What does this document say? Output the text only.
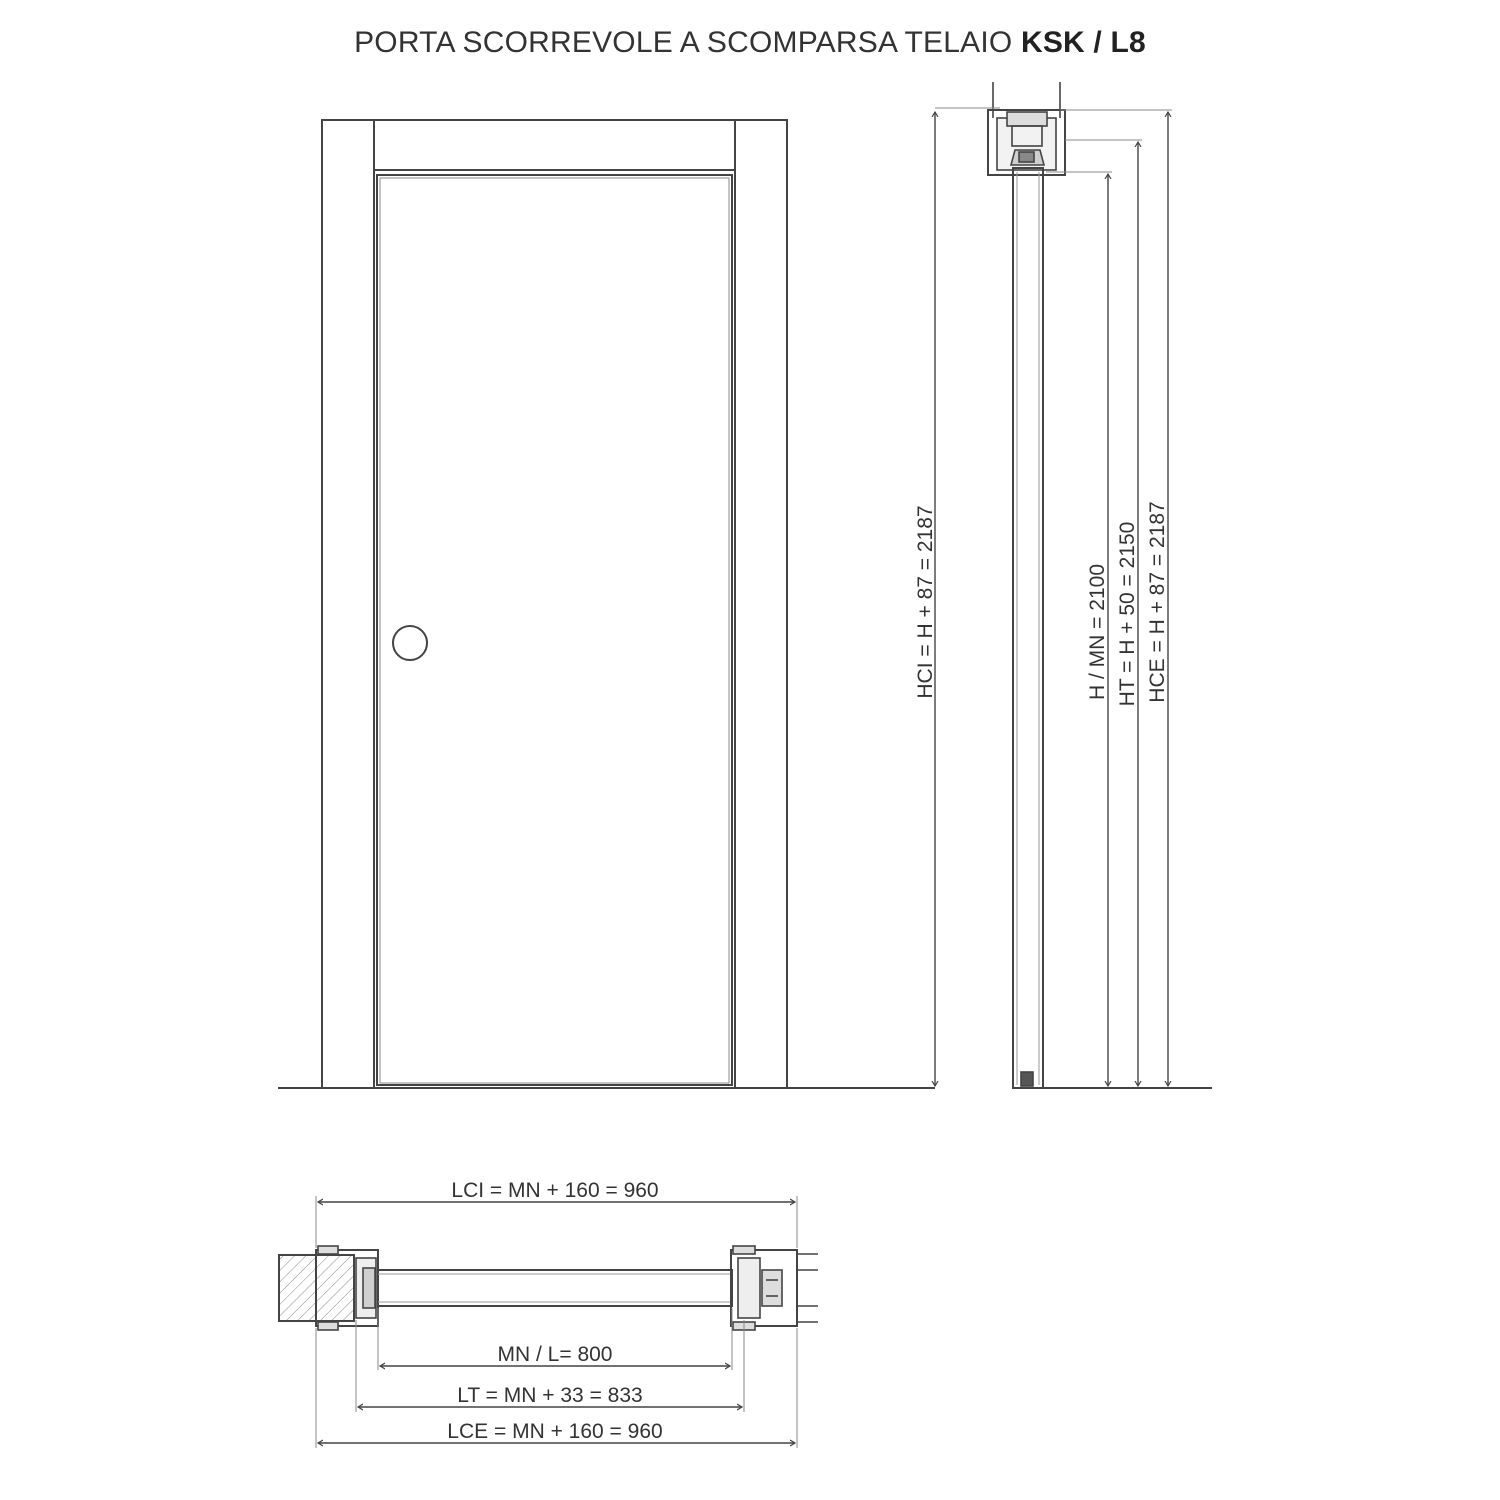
PORTA SCORREVOLE A SCOMPARSA TELAIO KSK / L8
HCI = H + 87 = 2187	H / MN = 2100 HT = H + 50 = 2150 HCE = H + 87 = 2187
LCI = MN + 160 = 960
MN / L= 800
LT = MN + 33 = 833
LCE = MN + 160 = 960
